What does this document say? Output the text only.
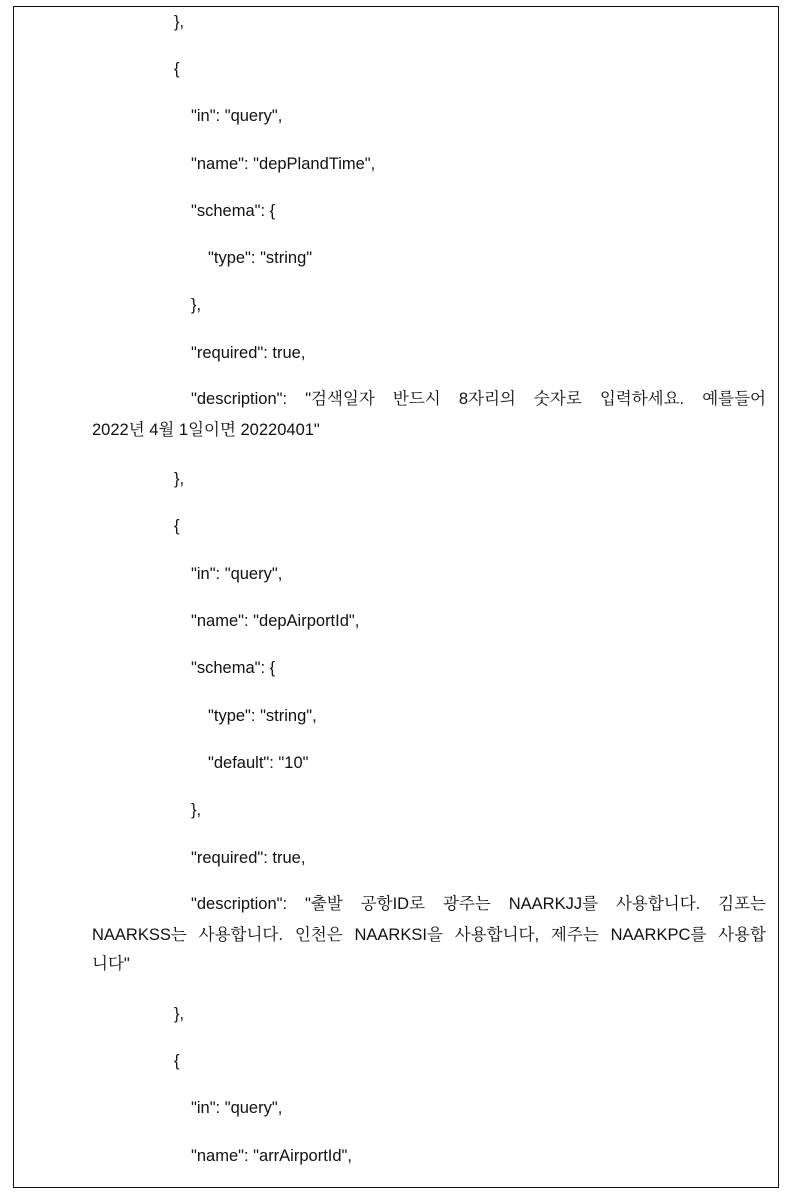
},

{

"in": "query",

"name": "depPlandTime",

"schema": {

"type": "string"

},

"required": true,

"description": "검색일자 반드시 8자리의 숫자로 입력하세요. 예를들어

2022년 4월 1일이면 20220401"

},

{

"in": "query",

"name": "depAirportId",

"schema": {

"type": "string",

"default": "10"

},

"required": true,

"description": "출발 공항ID로 광주는 NAARKJJ를 사용합니다. 김포는

NAARKSS는 사용합니다. 인천은 NAARKSI을 사용합니다, 제주는 NAARKPC를 사용합

니다"

},

{

"in": "query",

"name": "arrAirportId",
